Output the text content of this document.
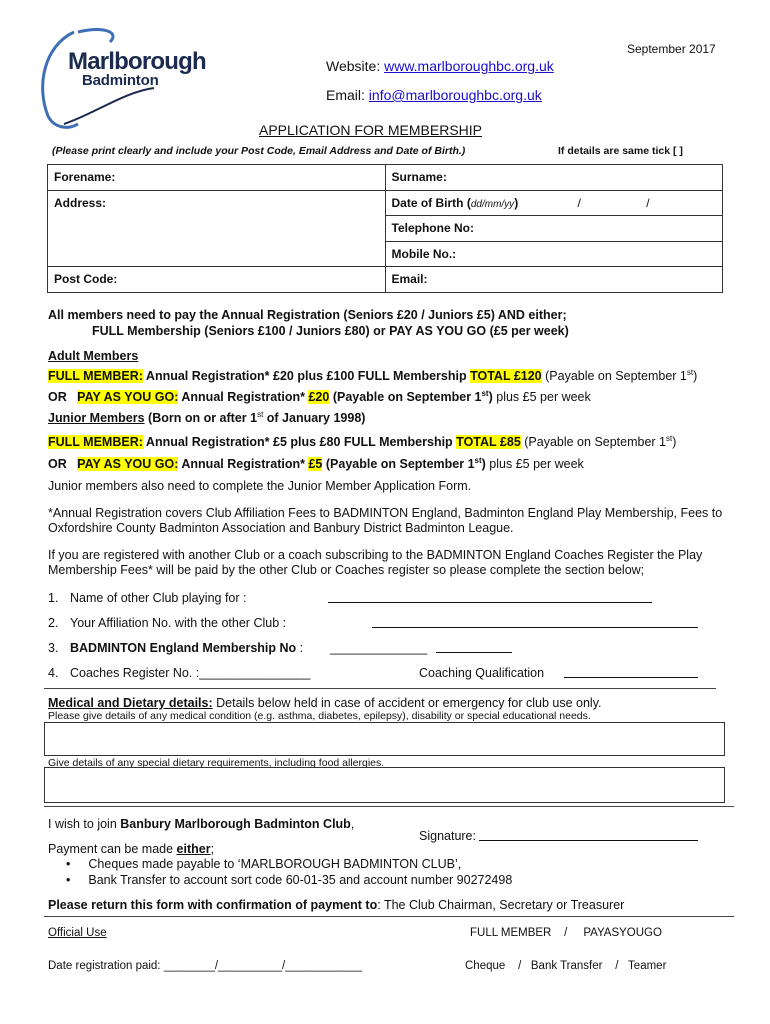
Marlborough
Badminton
September 2017
Website: www.marlboroughbc.org.uk
Email: info@marlboroughbc.org.uk
APPLICATION FOR MEMBERSHIP
(Please print clearly and include your Post Code, Email Address and Date of Birth.)	If details are same tick [ ]
Forename:	Surname:
Address:	Date of Birth (dd/mm/yy) / /
	Telephone No:
	Mobile No.:
Post Code:	Email:
All members need to pay the Annual Registration (Seniors £20 / Juniors £5) AND either;
FULL Membership (Seniors £100 / Juniors £80) or PAY AS YOU GO (£5 per week)
Adult Members
FULL MEMBER: Annual Registration* £20 plus £100 FULL Membership TOTAL £120 (Payable on September 1st)
OR PAY AS YOU GO: Annual Registration* £20 (Payable on September 1st) plus £5 per week
Junior Members (Born on or after 1st of January 1998)
FULL MEMBER: Annual Registration* £5 plus £80 FULL Membership TOTAL £85 (Payable on September 1st)
OR PAY AS YOU GO: Annual Registration* £5 (Payable on September 1st) plus £5 per week
Junior members also need to complete the Junior Member Application Form.
*Annual Registration covers Club Affiliation Fees to BADMINTON England, Badminton England Play Membership, Fees to Oxfordshire County Badminton Association and Banbury District Badminton League.
If you are registered with another Club or a coach subscribing to the BADMINTON England Coaches Register the Play Membership Fees* will be paid by the other Club or Coaches register so please complete the section below;
1. Name of other Club playing for :
2. Your Affiliation No. with the other Club :
3. BADMINTON England Membership No : ______________
4. Coaches Register No. :________________	Coaching Qualification
Medical and Dietary details: Details below held in case of accident or emergency for club use only.
Please give details of any medical condition (e.g. asthma, diabetes, epilepsy), disability or special educational needs.
Give details of any special dietary requirements, including food allergies.
I wish to join Banbury Marlborough Badminton Club,
Signature:
Payment can be made either;
• Cheques made payable to ‘MARLBOROUGH BADMINTON CLUB’,
• Bank Transfer to account sort code 60-01-35 and account number 90272498
Please return this form with confirmation of payment to: The Club Chairman, Secretary or Treasurer
Official Use	FULL MEMBER / PAYASYOUGO
Date registration paid: ________/__________/____________	Cheque / Bank Transfer / Teamer
